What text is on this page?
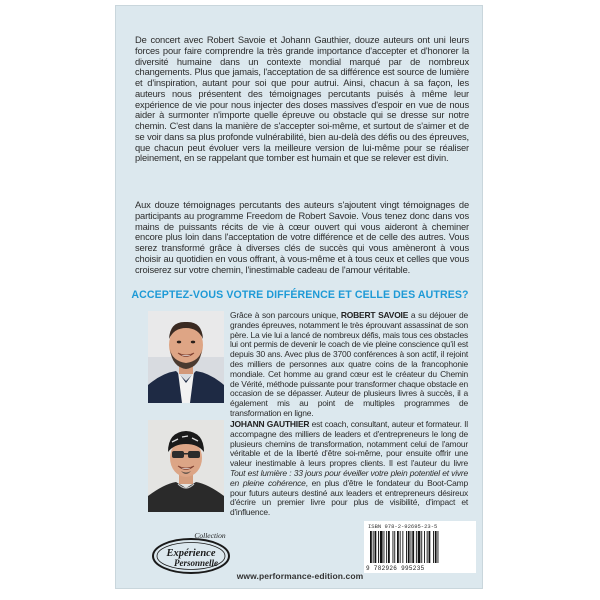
De concert avec Robert Savoie et Johann Gauthier, douze auteurs ont uni leurs forces pour faire comprendre la très grande importance d'accepter et d'honorer la diversité humaine dans un contexte mondial marqué par de nombreux changements. Plus que jamais, l'acceptation de sa différence est source de lumière et d'inspiration, autant pour soi que pour autrui. Ainsi, chacun à sa façon, les auteurs nous présentent des témoignages percutants puisés à même leur expérience de vie pour nous injecter des doses massives d'espoir en vue de nous aider à surmonter n'importe quelle épreuve ou obstacle qui se dresse sur notre chemin. C'est dans la manière de s'accepter soi-même, et surtout de s'aimer et de se voir dans sa plus profonde vulnérabilité, bien au-delà des défis ou des épreuves, que chacun peut évoluer vers la meilleure version de lui-même pour se réaliser pleinement, en se rappelant que tomber est humain et que se relever est divin.

Aux douze témoignages percutants des auteurs s'ajoutent vingt témoignages de participants au programme Freedom de Robert Savoie. Vous tenez donc dans vos mains de puissants récits de vie à cœur ouvert qui vous aideront à cheminer encore plus loin dans l'acceptation de votre différence et de celle des autres. Vous serez transformé grâce à diverses clés de succès qui vous amèneront à vous choisir au quotidien en vous offrant, à vous-même et à tous ceux et celles que vous croiserez sur votre chemin, l'inestimable cadeau de l'amour véritable.

ACCEPTEZ-VOUS VOTRE DIFFÉRENCE ET CELLE DES AUTRES?

Grâce à son parcours unique, ROBERT SAVOIE a su déjouer de grandes épreuves, notamment le très éprouvant assassinat de son père. La vie lui a lancé de nombreux défis, mais tous ces obstacles lui ont permis de devenir le coach de vie pleine conscience qu'il est depuis 30 ans. Avec plus de 3700 conférences à son actif, il rejoint des milliers de personnes aux quatre coins de la francophonie mondiale. Cet homme au grand cœur est le créateur du Chemin de Vérité, méthode puissante pour transformer chaque obstacle en occasion de se dépasser. Auteur de plusieurs livres à succès, il a également mis au point de multiples programmes de transformation en ligne.

JOHANN GAUTHIER est coach, consultant, auteur et formateur. Il accompagne des milliers de leaders et d'entrepreneurs le long de plusieurs chemins de transformation, notamment celui de l'amour véritable et de la liberté d'être soi-même, pour ensuite offrir une valeur inestimable à leurs propres clients. Il est l'auteur du livre Tout est lumière : 33 jours pour éveiller votre plein potentiel et vivre en pleine cohérence, en plus d'être le fondateur du Boot-Camp pour futurs auteurs destiné aux leaders et entrepreneurs désireux d'écrire un premier livre pour plus de visibilité, d'impact et d'influence.

Collection
Expérience
Personnelle
ISBN 978-2-92695-23-5
9 782926 995235
www.performance-edition.com
